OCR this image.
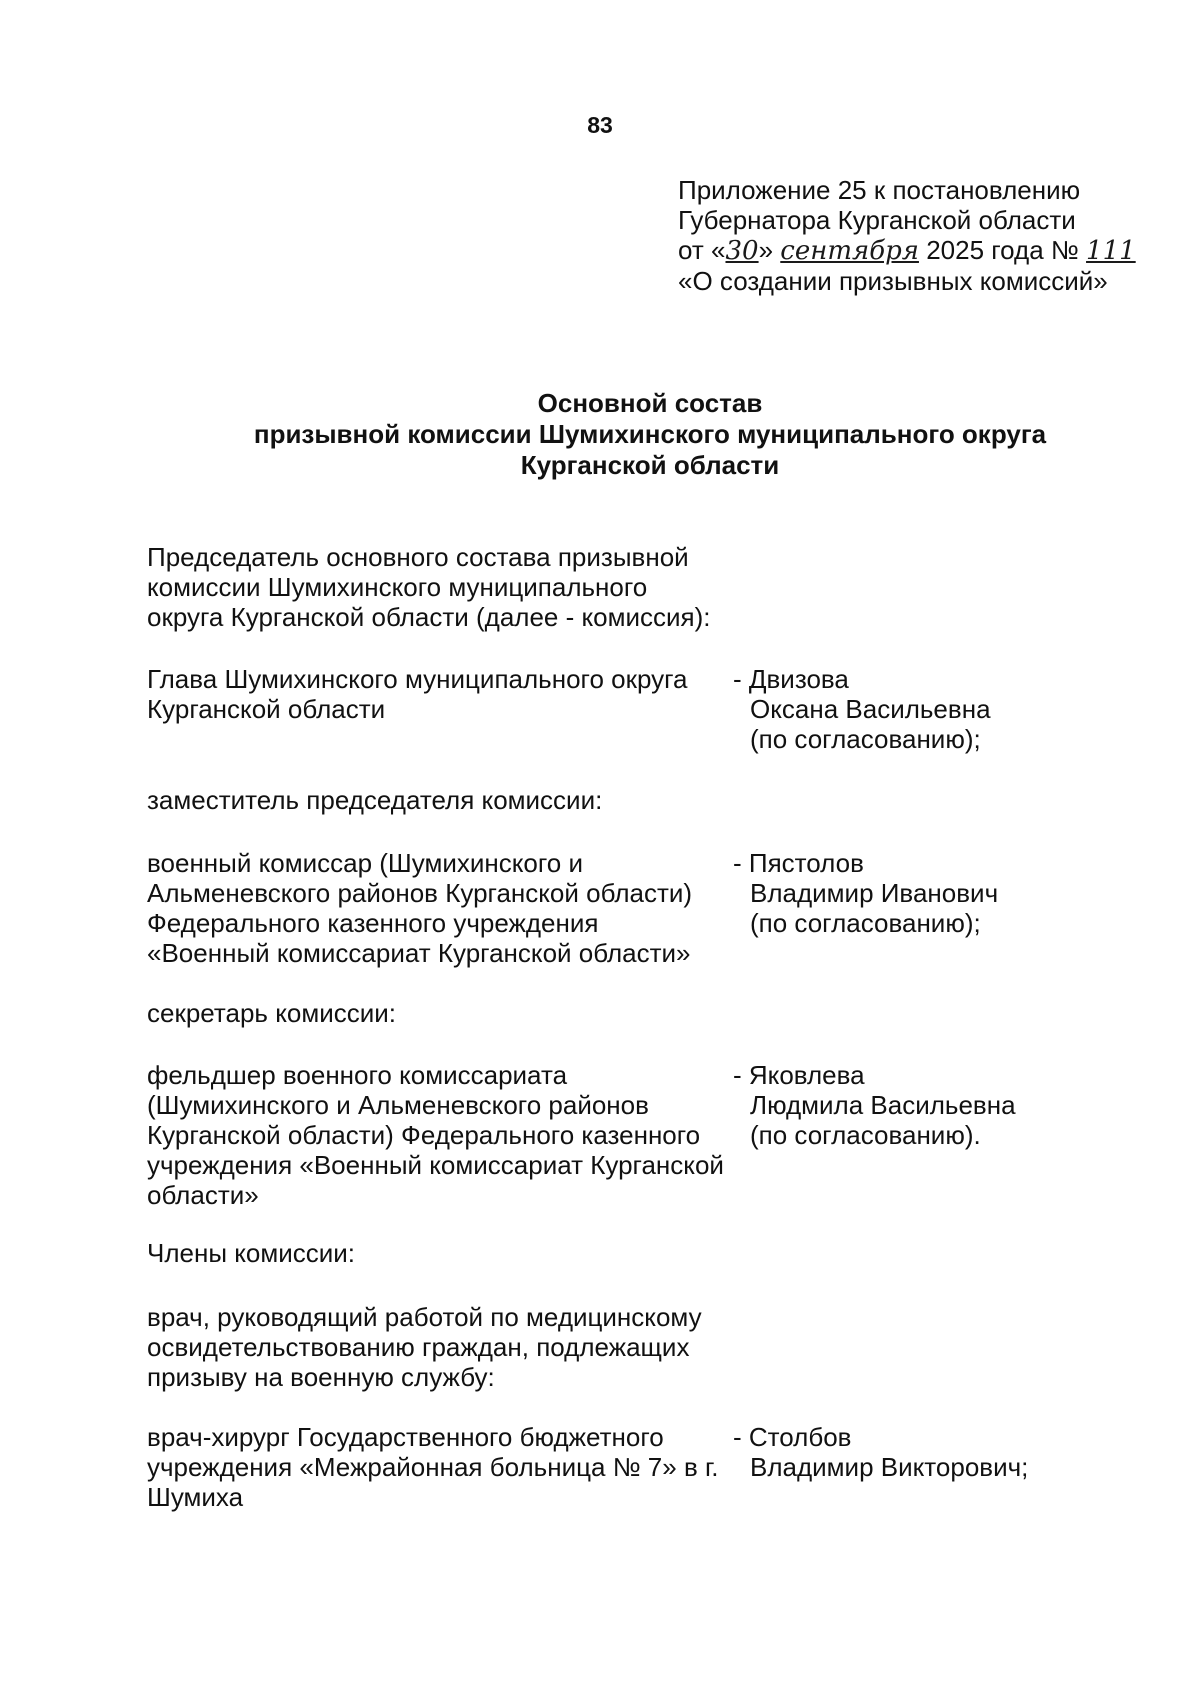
83
Приложение 25 к постановлению
Губернатора Курганской области
от «30» сентября 2025 года № 111
«О создании призывных комиссий»
Основной состав
призывной комиссии Шумихинского муниципального округа
Курганской области
Председатель основного состава призывной
комиссии Шумихинского муниципального
округа Курганской области (далее - комиссия):
Глава Шумихинского муниципального округа
Курганской области
- Двизова
Оксана Васильевна
(по согласованию);
заместитель председателя комиссии:
военный комиссар (Шумихинского и
Альменевского районов Курганской области)
Федерального казенного учреждения
«Военный комиссариат Курганской области»
- Пястолов
Владимир Иванович
(по согласованию);
секретарь комиссии:
фельдшер военного комиссариата
(Шумихинского и Альменевского районов
Курганской области) Федерального казенного
учреждения «Военный комиссариат Курганской
области»
- Яковлева
Людмила Васильевна
(по согласованию).
Члены комиссии:
врач, руководящий работой по медицинскому
освидетельствованию граждан, подлежащих
призыву на военную службу:
врач-хирург Государственного бюджетного
учреждения «Межрайонная больница № 7» в г.
Шумиха
- Столбов
Владимир Викторович;
